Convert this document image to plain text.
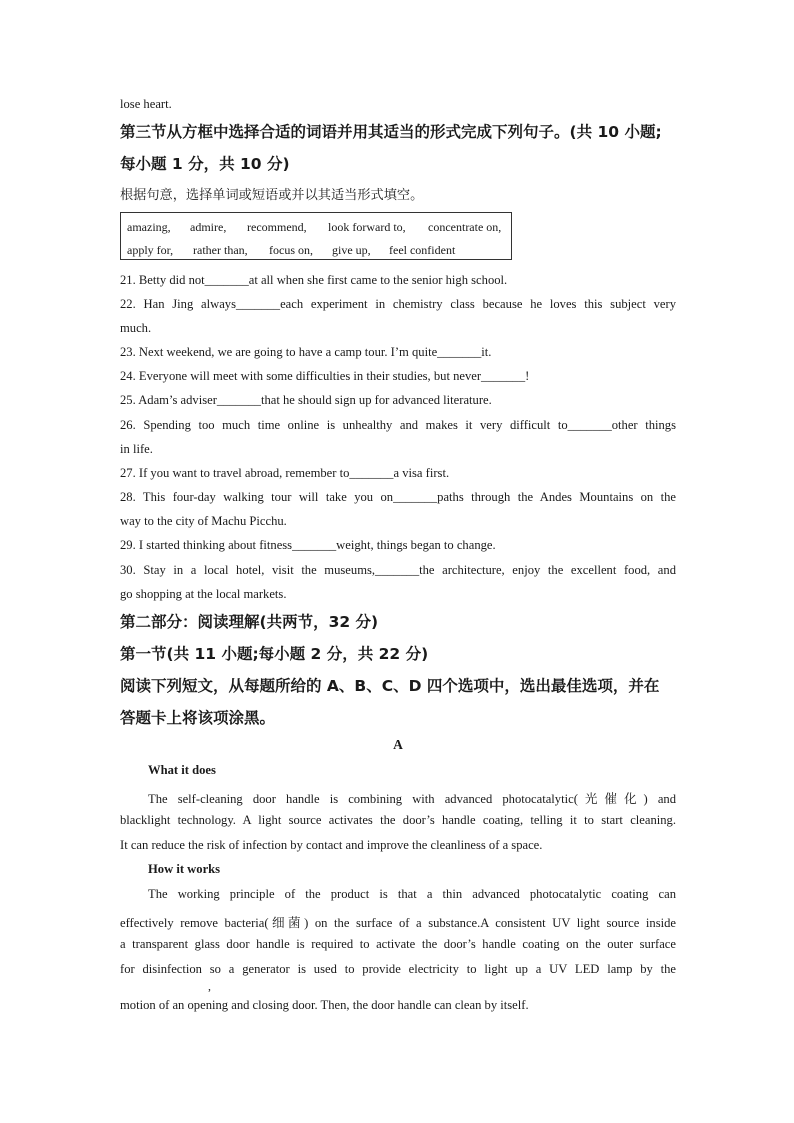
lose heart.
第三节从方框中选择合适的词语并用其适当的形式完成下列句子。(共 10 小题;
每小题 1 分，共 10 分)
根据句意，选择单词或短语或并以其适当形式填空。
amazing, admire, recommend, look forward to, concentrate on,
apply for, rather than, focus on, give up, feel confident
21. Betty did not_______at all when she first came to the senior high school.
22. Han Jing always_______each experiment in chemistry class because he loves this subject very
much.
23. Next weekend, we are going to have a camp tour. I’m quite_______it.
24. Everyone will meet with some difficulties in their studies, but never_______!
25. Adam’s adviser_______that he should sign up for advanced literature.
26. Spending too much time online is unhealthy and makes it very difficult to_______other things
in life.
27. If you want to travel abroad, remember to_______a visa first.
28. This four-day walking tour will take you on_______paths through the Andes Mountains on the
way to the city of Machu Picchu.
29. I started thinking about fitness_______weight, things began to change.
30. Stay in a local hotel, visit the museums,_______the architecture, enjoy the excellent food, and
go shopping at the local markets.
第二部分：阅读理解(共两节，32 分)
第一节(共 11 小题;每小题 2 分，共 22 分)
阅读下列短文，从每题所给的 A、B、C、D 四个选项中，选出最佳选项，并在
答题卡上将该项涂黑。
A
What it does
The self-cleaning door handle is combining with advanced photocatalytic(光催化) and
blacklight technology. A light source activates the door’s handle coating, telling it to start cleaning.
It can reduce the risk of infection by contact and improve the cleanliness of a space.
How it works
The working principle of the product is that a thin advanced photocatalytic coating can
effectively remove bacteria(细菌) on the surface of a substance.A consistent UV light source inside
a transparent glass door handle is required to activate the door’s handle coating on the outer surface
for disinfection so a generator is used to provide electricity to light up a UV LED lamp by the
,
motion of an opening and closing door. Then, the door handle can clean by itself.
